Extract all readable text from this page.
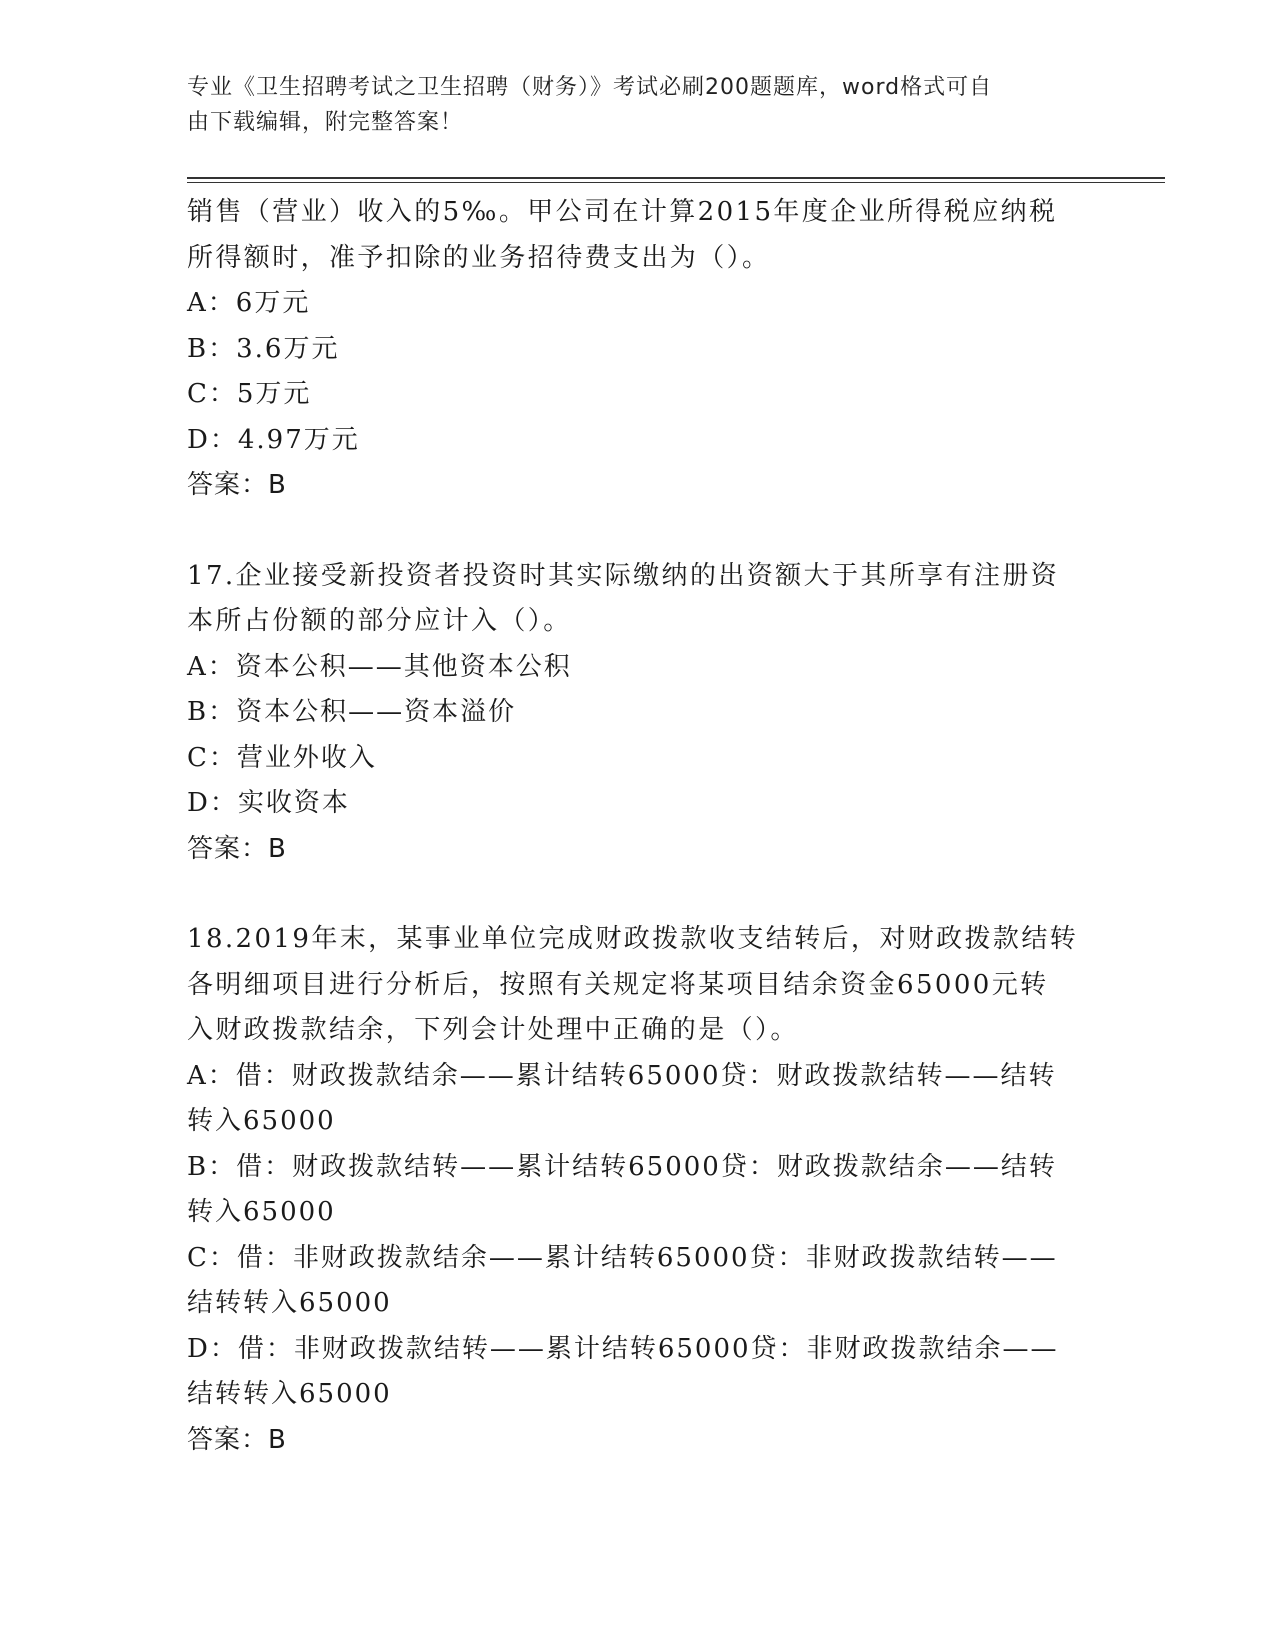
专业《卫生招聘考试之卫生招聘（财务）》考试必刷200题题库，word格式可自
由下载编辑，附完整答案！
销售（营业）收入的5‰。甲公司在计算2015年度企业所得税应纳税
所得额时，准予扣除的业务招待费支出为（）。
A：6万元
B：3.6万元
C：5万元
D：4.97万元
答案：B
17.企业接受新投资者投资时其实际缴纳的出资额大于其所享有注册资
本所占份额的部分应计入（）。
A：资本公积——其他资本公积
B：资本公积——资本溢价
C：营业外收入
D：实收资本
答案：B
18.2019年末，某事业单位完成财政拨款收支结转后，对财政拨款结转
各明细项目进行分析后，按照有关规定将某项目结余资金65000元转
入财政拨款结余，下列会计处理中正确的是（）。
A：借：财政拨款结余——累计结转65000贷：财政拨款结转——结转
转入65000
B：借：财政拨款结转——累计结转65000贷：财政拨款结余——结转
转入65000
C：借：非财政拨款结余——累计结转65000贷：非财政拨款结转——
结转转入65000
D：借：非财政拨款结转——累计结转65000贷：非财政拨款结余——
结转转入65000
答案：B
